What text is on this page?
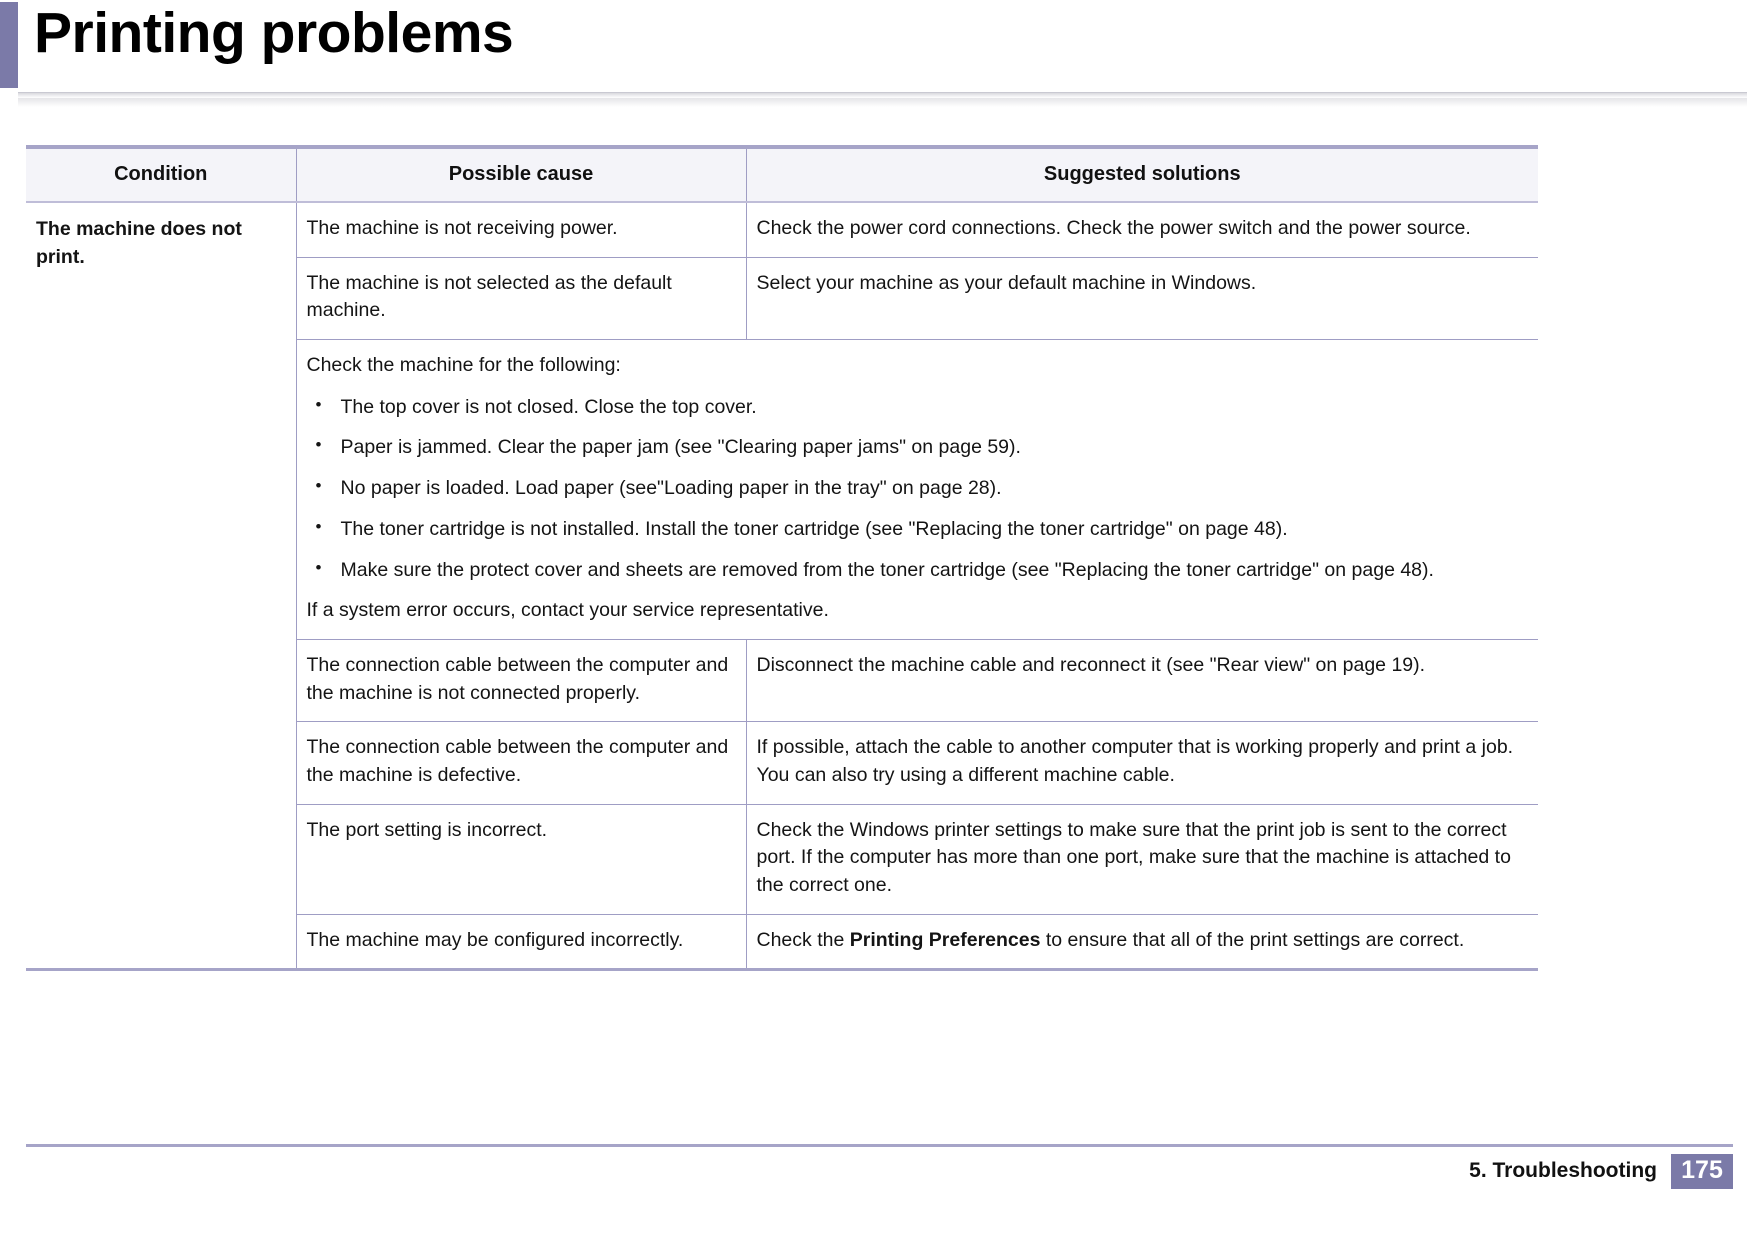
Printing problems
Condition	Possible cause	Suggested solutions
The machine does not print.	The machine is not receiving power.	Check the power cord connections. Check the power switch and the power source.
	The machine is not selected as the default machine.	Select your machine as your default machine in Windows.

Check the machine for the following:

• The top cover is not closed. Close the top cover.
• Paper is jammed. Clear the paper jam (see "Clearing paper jams" on page 59).
• No paper is loaded. Load paper (see"Loading paper in the tray" on page 28).
• The toner cartridge is not installed. Install the toner cartridge (see "Replacing the toner cartridge" on page 48).
• Make sure the protect cover and sheets are removed from the toner cartridge (see "Replacing the toner cartridge" on page 48).

If a system error occurs, contact your service representative.

	The connection cable between the computer and the machine is not connected properly.	Disconnect the machine cable and reconnect it (see "Rear view" on page 19).
	The connection cable between the computer and the machine is defective.	If possible, attach the cable to another computer that is working properly and print a job.
You can also try using a different machine cable.

	The port setting is incorrect.	Check the Windows printer settings to make sure that the print job is sent to the correct
port. If the computer has more than one port, make sure that the machine is attached to
the correct one.

	The machine may be configured incorrectly.	Check the Printing Preferences to ensure that all of the print settings are correct.
5. Troubleshooting 175
